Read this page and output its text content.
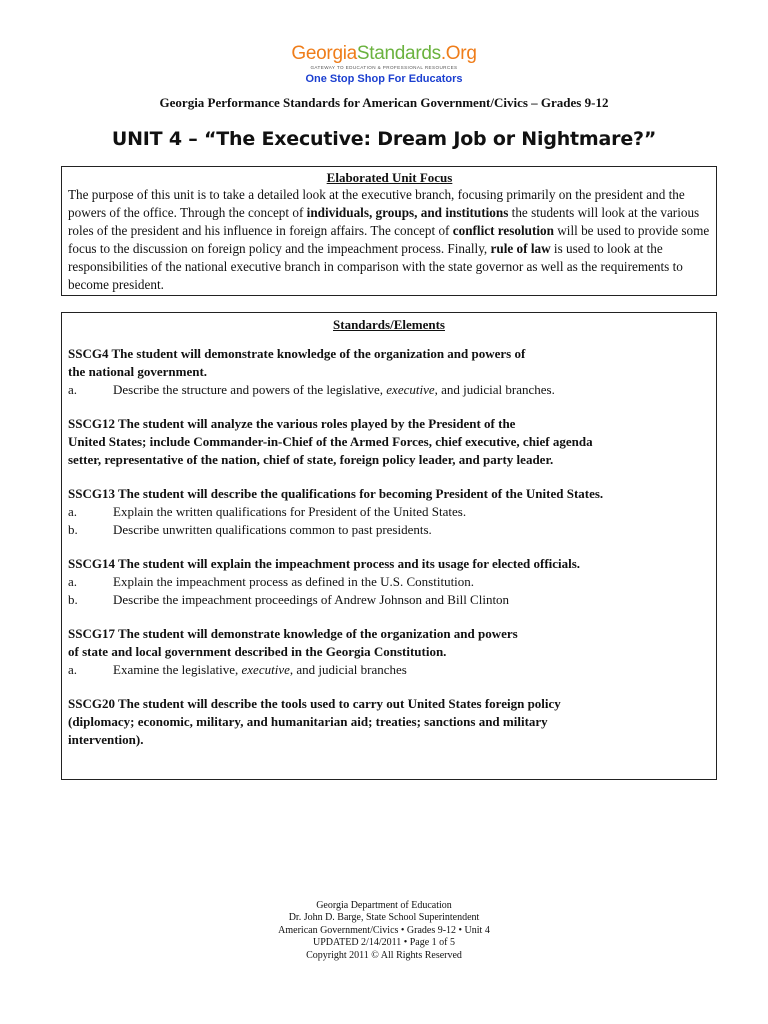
GeorgiaStandards.Org
GATEWAY TO EDUCATION & PROFESSIONAL RESOURCES
One Stop Shop For Educators
Georgia Performance Standards for American Government/Civics – Grades 9-12
UNIT 4 – “The Executive: Dream Job or Nightmare?”
Elaborated Unit Focus

The purpose of this unit is to take a detailed look at the executive branch, focusing primarily on the president and the powers of the office. Through the concept of individuals, groups, and institutions the students will look at the various roles of the president and his influence in foreign affairs. The concept of conflict resolution will be used to provide some focus to the discussion on foreign policy and the impeachment process. Finally, rule of law is used to look at the responsibilities of the national executive branch in comparison with the state governor as well as the requirements to become president.

Standards/Elements
SSCG4 The student will demonstrate knowledge of the organization and powers of
the national government.
a.	Describe the structure and powers of the legislative, executive, and judicial branches.
SSCG12 The student will analyze the various roles played by the President of the
United States; include Commander-in-Chief of the Armed Forces, chief executive, chief agenda
setter, representative of the nation, chief of state, foreign policy leader, and party leader.
SSCG13 The student will describe the qualifications for becoming President of the United States.
a.	Explain the written qualifications for President of the United States.
b.	Describe unwritten qualifications common to past presidents.
SSCG14 The student will explain the impeachment process and its usage for elected officials.
a.	Explain the impeachment process as defined in the U.S. Constitution.
b.	Describe the impeachment proceedings of Andrew Johnson and Bill Clinton
SSCG17 The student will demonstrate knowledge of the organization and powers
of state and local government described in the Georgia Constitution.
a.	Examine the legislative, executive, and judicial branches
SSCG20 The student will describe the tools used to carry out United States foreign policy
(diplomacy; economic, military, and humanitarian aid; treaties; sanctions and military
intervention).
Georgia Department of Education
Dr. John D. Barge, State School Superintendent
American Government/Civics • Grades 9-12 • Unit 4
UPDATED 2/14/2011 • Page 1 of 5
Copyright 2011 © All Rights Reserved
